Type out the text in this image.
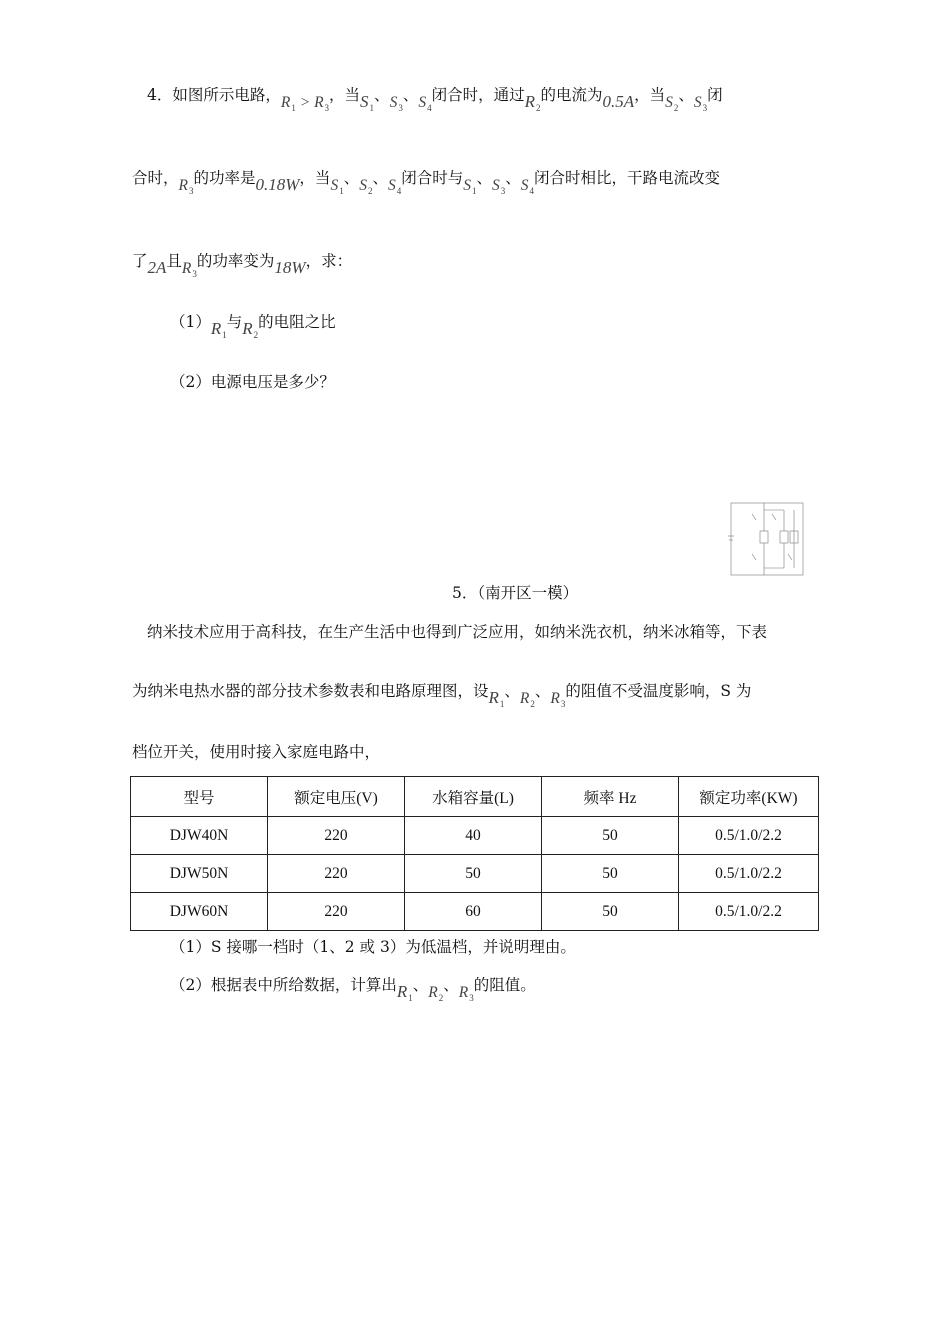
4．如图所示电路，$R_1 > R_3$，当$S_1$、$S_3$、$S_4$闭合时，通过$R_2$的电流为0.5A，当$S_2$、$S_3$闭
合时，$R_3$的功率是0.18W，当$S_1$、$S_2$、$S_4$闭合时与$S_1$、$S_3$、$S_4$闭合时相比，干路电流改变
了2A且$R_3$的功率变为18W，求：
$(1)R_1$与$R_2$的电阻之比
（2）电源电压是多少？
5．（南开区一模）
纳米技术应用于高科技，在生产生活中也得到广泛应用，如纳米洗衣机，纳米冰箱等，下表
为纳米电热水器的部分技术参数表和电路原理图，设$R_1$、$R_2$、$R_3$的阻值不受温度影响，S 为
档位开关，使用时接入家庭电路中，
型号	额定电压(V)	水箱容量(L)	频率 Hz	额定功率(KW)
DJW40N	220	40	50	0.5/1.0/2.2
DJW50N	220	50	50	0.5/1.0/2.2
DJW60N	220	60	50	0.5/1.0/2.2
（1）S 接哪一档时（1、2 或 3）为低温档，并说明理由。
（2）根据表中所给数据，计算出$R_1$、$R_2$、$R_3$的阻值。
